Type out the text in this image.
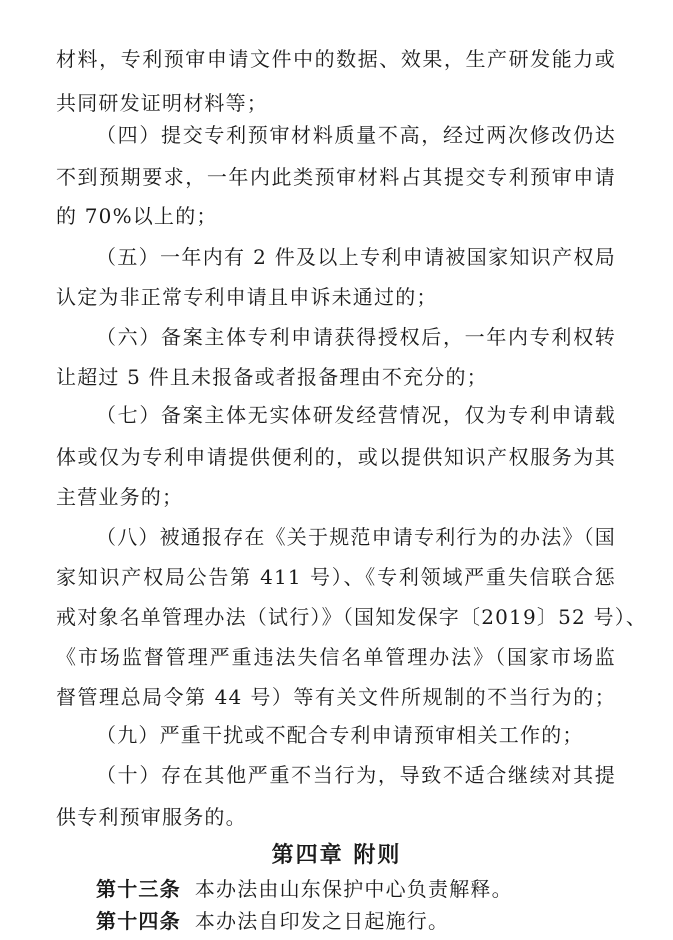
材料，专利预审申请文件中的数据、效果，生产研发能力或
共同研发证明材料等；
（四）提交专利预审材料质量不高，经过两次修改仍达
不到预期要求，一年内此类预审材料占其提交专利预审申请
的 70%以上的；
（五）一年内有 2 件及以上专利申请被国家知识产权局
认定为非正常专利申请且申诉未通过的；
（六）备案主体专利申请获得授权后，一年内专利权转
让超过 5 件且未报备或者报备理由不充分的；
（七）备案主体无实体研发经营情况，仅为专利申请载
体或仅为专利申请提供便利的，或以提供知识产权服务为其
主营业务的；
（八）被通报存在《关于规范申请专利行为的办法》（国
家知识产权局公告第 411 号）、《专利领域严重失信联合惩
戒对象名单管理办法（试行）》（国知发保字〔2019〕52 号）、
《市场监督管理严重违法失信名单管理办法》（国家市场监
督管理总局令第 44 号）等有关文件所规制的不当行为的；
（九）严重干扰或不配合专利申请预审相关工作的；
（十）存在其他严重不当行为，导致不适合继续对其提
供专利预审服务的。
第四章 附则
第十三条 本办法由山东保护中心负责解释。
第十四条 本办法自印发之日起施行。
